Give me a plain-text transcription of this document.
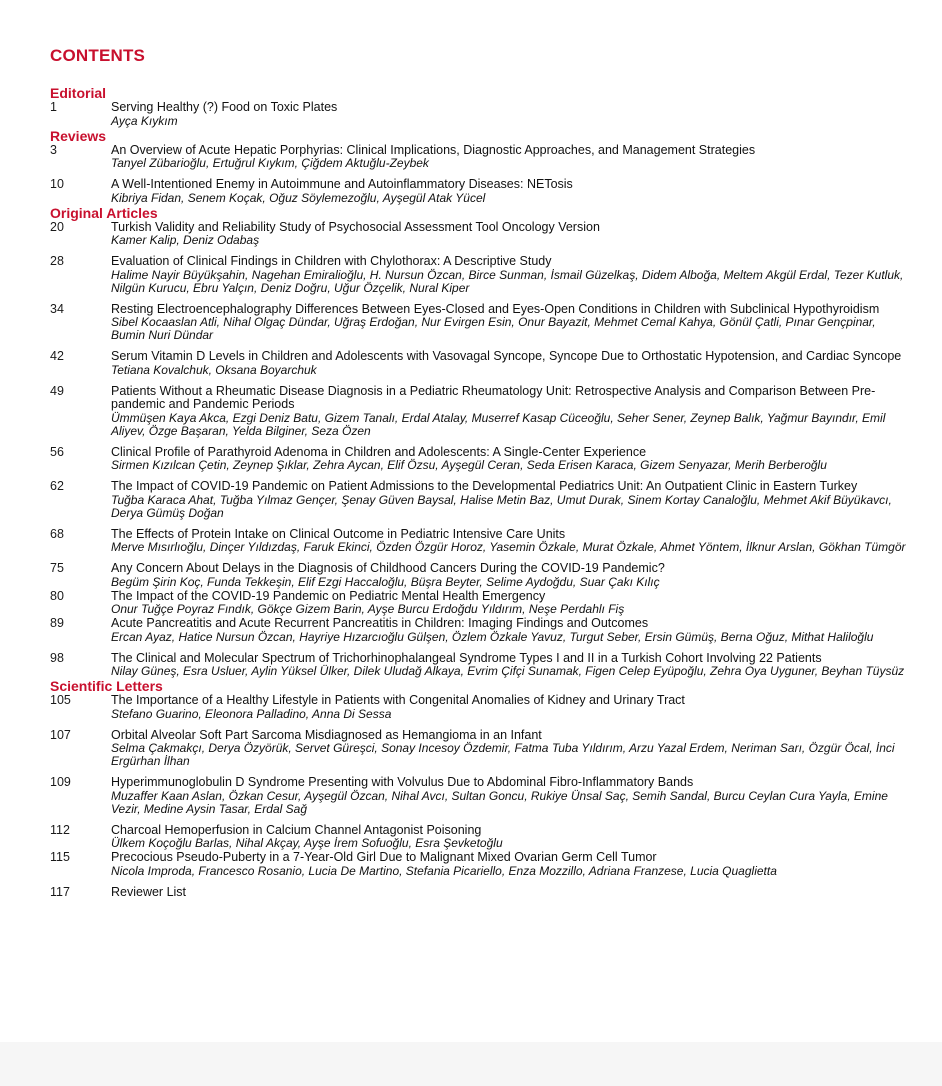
CONTENTS
Editorial
1	Serving Healthy (?) Food on Toxic Plates
Ayça Kıykım
Reviews
3	An Overview of Acute Hepatic Porphyrias: Clinical Implications, Diagnostic Approaches, and Management Strategies
Tanyel Zübarioğlu, Ertuğrul Kıykım, Çiğdem Aktuğlu-Zeybek
10	A Well-Intentioned Enemy in Autoimmune and Autoinflammatory Diseases: NETosis
Kibriya Fidan, Senem Koçak, Oğuz Söylemezoğlu, Ayşegül Atak Yücel
Original Articles
20	Turkish Validity and Reliability Study of Psychosocial Assessment Tool Oncology Version
Kamer Kalip, Deniz Odabaş
28	Evaluation of Clinical Findings in Children with Chylothorax: A Descriptive Study
Halime Nayir Büyükşahin, Nagehan Emiralioğlu, H. Nursun Özcan, Birce Sunman, İsmail Güzelkaş, Didem Alboğa, Meltem Akgül Erdal, Tezer Kutluk, Nilgün Kurucu, Ebru Yalçın, Deniz Doğru, Uğur Özçelik, Nural Kiper
34	Resting Electroencephalography Differences Between Eyes-Closed and Eyes-Open Conditions in Children with Subclinical Hypothyroidism
Sibel Kocaaslan Atli, Nihal Olgaç Dündar, Uğraş Erdoğan, Nur Evirgen Esin, Onur Bayazit, Mehmet Cemal Kahya, Gönül Çatli, Pınar Gençpinar, Bumin Nuri Dündar
42	Serum Vitamin D Levels in Children and Adolescents with Vasovagal Syncope, Syncope Due to Orthostatic Hypotension, and Cardiac Syncope
Tetiana Kovalchuk, Oksana Boyarchuk
49	Patients Without a Rheumatic Disease Diagnosis in a Pediatric Rheumatology Unit: Retrospective Analysis and Comparison Between Pre-pandemic and Pandemic Periods
Ümmüşen Kaya Akca, Ezgi Deniz Batu, Gizem Tanalı, Erdal Atalay, Muserref Kasap Cüceoğlu, Seher Sener, Zeynep Balık, Yağmur Bayındır, Emil Aliyev, Özge Başaran, Yelda Bilginer, Seza Özen
56	Clinical Profile of Parathyroid Adenoma in Children and Adolescents: A Single-Center Experience
Sirmen Kızılcan Çetin, Zeynep Şıklar, Zehra Aycan, Elif Özsu, Ayşegül Ceran, Seda Erisen Karaca, Gizem Senyazar, Merih Berberoğlu
62	The Impact of COVID-19 Pandemic on Patient Admissions to the Developmental Pediatrics Unit: An Outpatient Clinic in Eastern Turkey
Tuğba Karaca Ahat, Tuğba Yılmaz Gençer, Şenay Güven Baysal, Halise Metin Baz, Umut Durak, Sinem Kortay Canaloğlu, Mehmet Akif Büyükavcı, Derya Gümüş Doğan
68	The Effects of Protein Intake on Clinical Outcome in Pediatric Intensive Care Units
Merve Mısırlıoğlu, Dinçer Yıldızdaş, Faruk Ekinci, Özden Özgür Horoz, Yasemin Özkale, Murat Özkale, Ahmet Yöntem, İlknur Arslan, Gökhan Tümgör
75	Any Concern About Delays in the Diagnosis of Childhood Cancers During the COVID-19 Pandemic?
Begüm Şirin Koç, Funda Tekkeşin, Elif Ezgi Haccaloğlu, Büşra Beyter, Selime Aydoğdu, Suar Çakı Kılıç
80	The Impact of the COVID-19 Pandemic on Pediatric Mental Health Emergency
Onur Tuğçe Poyraz Fındık, Gökçe Gizem Barin, Ayşe Burcu Erdoğdu Yıldırım, Neşe Perdahlı Fiş
89	Acute Pancreatitis and Acute Recurrent Pancreatitis in Children: Imaging Findings and Outcomes
Ercan Ayaz, Hatice Nursun Özcan, Hayriye Hızarcıoğlu Gülşen, Özlem Özkale Yavuz, Turgut Seber, Ersin Gümüş, Berna Oğuz, Mithat Haliloğlu
98	The Clinical and Molecular Spectrum of Trichorhinophalangeal Syndrome Types I and II in a Turkish Cohort Involving 22 Patients
Nilay Güneş, Esra Usluer, Aylin Yüksel Ülker, Dilek Uludağ Alkaya, Evrim Çifçi Sunamak, Figen Celep Eyüpoğlu, Zehra Oya Uyguner, Beyhan Tüysüz
Scientific Letters
105	The Importance of a Healthy Lifestyle in Patients with Congenital Anomalies of Kidney and Urinary Tract
Stefano Guarino, Eleonora Palladino, Anna Di Sessa
107	Orbital Alveolar Soft Part Sarcoma Misdiagnosed as Hemangioma in an Infant
Selma Çakmakçı, Derya Özyörük, Servet Güreşci, Sonay Incesoy Özdemir, Fatma Tuba Yıldırım, Arzu Yazal Erdem, Neriman Sarı, Özgür Öcal, İnci Ergürhan İlhan
109	Hyperimmunoglobulin D Syndrome Presenting with Volvulus Due to Abdominal Fibro-Inflammatory Bands
Muzaffer Kaan Aslan, Özkan Cesur, Ayşegül Özcan, Nihal Avcı, Sultan Goncu, Rukiye Ünsal Saç, Semih Sandal, Burcu Ceylan Cura Yayla, Emine Vezir, Medine Aysin Tasar, Erdal Sağ
112	Charcoal Hemoperfusion in Calcium Channel Antagonist Poisoning
Ülkem Koçoğlu Barlas, Nihal Akçay, Ayşe İrem Sofuoğlu, Esra Şevketoğlu
115	Precocious Pseudo-Puberty in a 7-Year-Old Girl Due to Malignant Mixed Ovarian Germ Cell Tumor
Nicola Improda, Francesco Rosanio, Lucia De Martino, Stefania Picariello, Enza Mozzillo, Adriana Franzese, Lucia Quaglietta
117	Reviewer List
